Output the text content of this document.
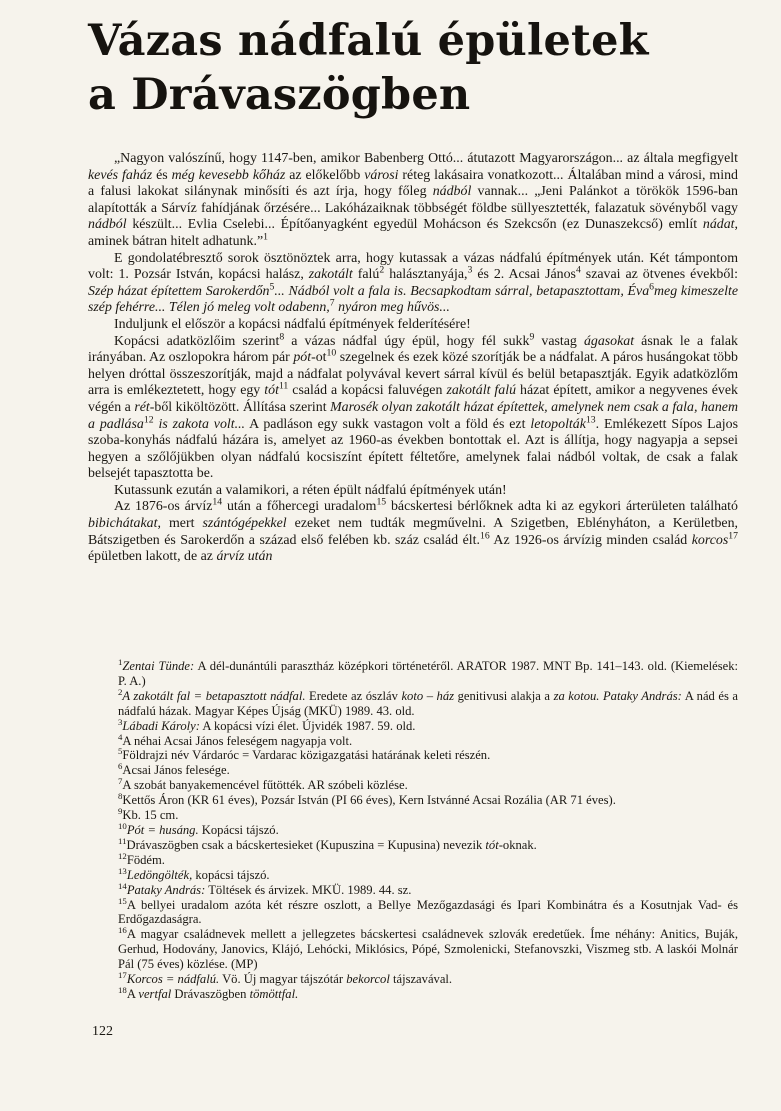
Vázas nádfalú épületek
a Drávaszögben

„Nagyon valószínű, hogy 1147-ben, amikor Babenberg Ottó... átutazott Magyarországon... az általa megfigyelt kevés faház és még kevesebb kőház az előkelőbb városi réteg lakásaira vonatkozott... Általában mind a városi, mind a falusi lakokat silánynak minősíti és azt írja, hogy főleg nádból vannak... „Jeni Palánkot a törökök 1596-ban alapították a Sárvíz fahídjának őrzésére... Lakóházaiknak többségét földbe süllyesztették, falazatuk sövényből vagy nádból készült... Evlia Cselebi... Építőanyagként egyedül Mohácson és Szekcsőn (ez Dunaszekcső) említ nádat, aminek bátran hitelt adhatunk.”$^1$

E gondolatébresztő sorok ösztönöztek arra, hogy kutassak a vázas nádfalú építmények után. Két támpontom volt: 1. Pozsár István, kopácsi halász, zakotált falú$^2$ halásztanyája,$^3$ és 2. Acsai János$^4$ szavai az ötvenes évekből: Szép házat építettem Sarokerdőn$^5$... Nádból volt a fala is. Becsapkodtam sárral, betapasztottam, Éva$^6$meg kimeszelte szép fehérre... Télen jó meleg volt odabenn,$^7$ nyáron meg hűvös...

Induljunk el először a kopácsi nádfalú építmények felderítésére!

Kopácsi adatközlőim szerint$^8$ a vázas nádfal úgy épül, hogy fél sukk$^9$ vastag ágasokat ásnak le a falak irányában. Az oszlopokra három pár pót-$ot^{10}$ szegelnek és ezek közé szorítják be a nádfalat. A páros husángokat több helyen dróttal összeszorítják, majd a nádfalat polyvával kevert sárral kívül és belül betapasztják. Egyik adatközlőm arra is emlékeztetett, hogy egy tót$^{11}$ család a kopácsi faluvégen zakotált falú házat épített, amikor a negyvenes évek végén a rét-ből kiköltözött. Állítása szerint Marosék olyan zakotált házat építettek, amelynek nem csak a fala, hanem a padlása$^{12}$ is zakota volt... A padláson egy sukk vastagon volt a föld és ezt letopolták$^{13}$. Emlékezett Sípos Lajos szoba-konyhás nádfalú házára is, amelyet az 1960-as években bontottak el. Azt is állítja, hogy nagyapja a sepsei hegyen a szőlőjükben olyan nádfalú kocsiszínt épített féltetőre, amelynek falai nádból voltak, de csak a falak belsejét tapasztotta be.

Kutassunk ezután a valamikori, a réten épült nádfalú építmények után!

Az 1876-os árvíz$^{14}$ után a főhercegi uradalom$^{15}$ bácskertesi bérlőknek adta ki az egykori árterületen található bibichátakat, mert szántógépekkel ezeket nem tudták megművelni. A Szigetben, Eblényháton, a Kerületben, Bátszigetben és Sarokerdőn a század első felében kb. száz család élt.$^{16}$ Az 1926-os árvízig minden család korcos$^{17}$ épületben lakott, de az árvíz után

$^1$Zentai Tünde: A dél-dunántúli parasztház középkori történetéről. ARATOR 1987. MNT Bp. 141–143. old. (Kiemelések: P. A.)

$^2$A zakotált fal = betapasztott nádfal. Eredete az ószláv koto – ház genitivusi alakja a za kotou. Pataky András: A nád és a nádfalú házak. Magyar Képes Újság (MKÜ) 1989. 43. old.

$^3$Lábadi Károly: A kopácsi vízi élet. Újvidék 1987. 59. old.

$^4$A néhai Acsai János feleségem nagyapja volt.

$^5$Földrajzi név Várdaróc = Vardarac közigazgatási határának keleti részén.

$^6$Acsai János felesége.

$^7$A szobát banyakemencével fűtötték. AR szóbeli közlése.

$^8$Kettős Áron (KR 61 éves), Pozsár István (PI 66 éves), Kern Istvánné Acsai Rozália (AR 71 éves).

$^9$Kb. 15 cm.

$^{10}$Pót = husáng. Kopácsi tájszó.

$^{11}$Drávaszögben csak a bácskertesieket (Kupuszina = Kupusina) nevezik tót-oknak.

$^{12}$Födém.

$^{13}$Ledöngölték, kopácsi tájszó.

$^{14}$Pataky András: Töltések és árvizek. MKÜ. 1989. 44. sz.

$^{15}$A bellyei uradalom azóta két részre oszlott, a Bellye Mezőgazdasági és Ipari Kombinátra és a Kosutnjak Vad- és Erdőgazdaságra.

$^{16}$A magyar családnevek mellett a jellegzetes bácskertesi családnevek szlovák eredetűek. Íme néhány: Anitics, Buják, Gerhud, Hodovány, Janovics, Klájó, Lehócki, Miklósics, Pópé, Szmolenicki, Stefanovszki, Viszmeg stb. A laskói Molnár Pál (75 éves) közlése. (MP)

$^{17}$Korcos = nádfalú. Vö. Új magyar tájszótár bekorcol tájszavával.

$^{18}$A vertfal Drávaszögben tömöttfal.

122
